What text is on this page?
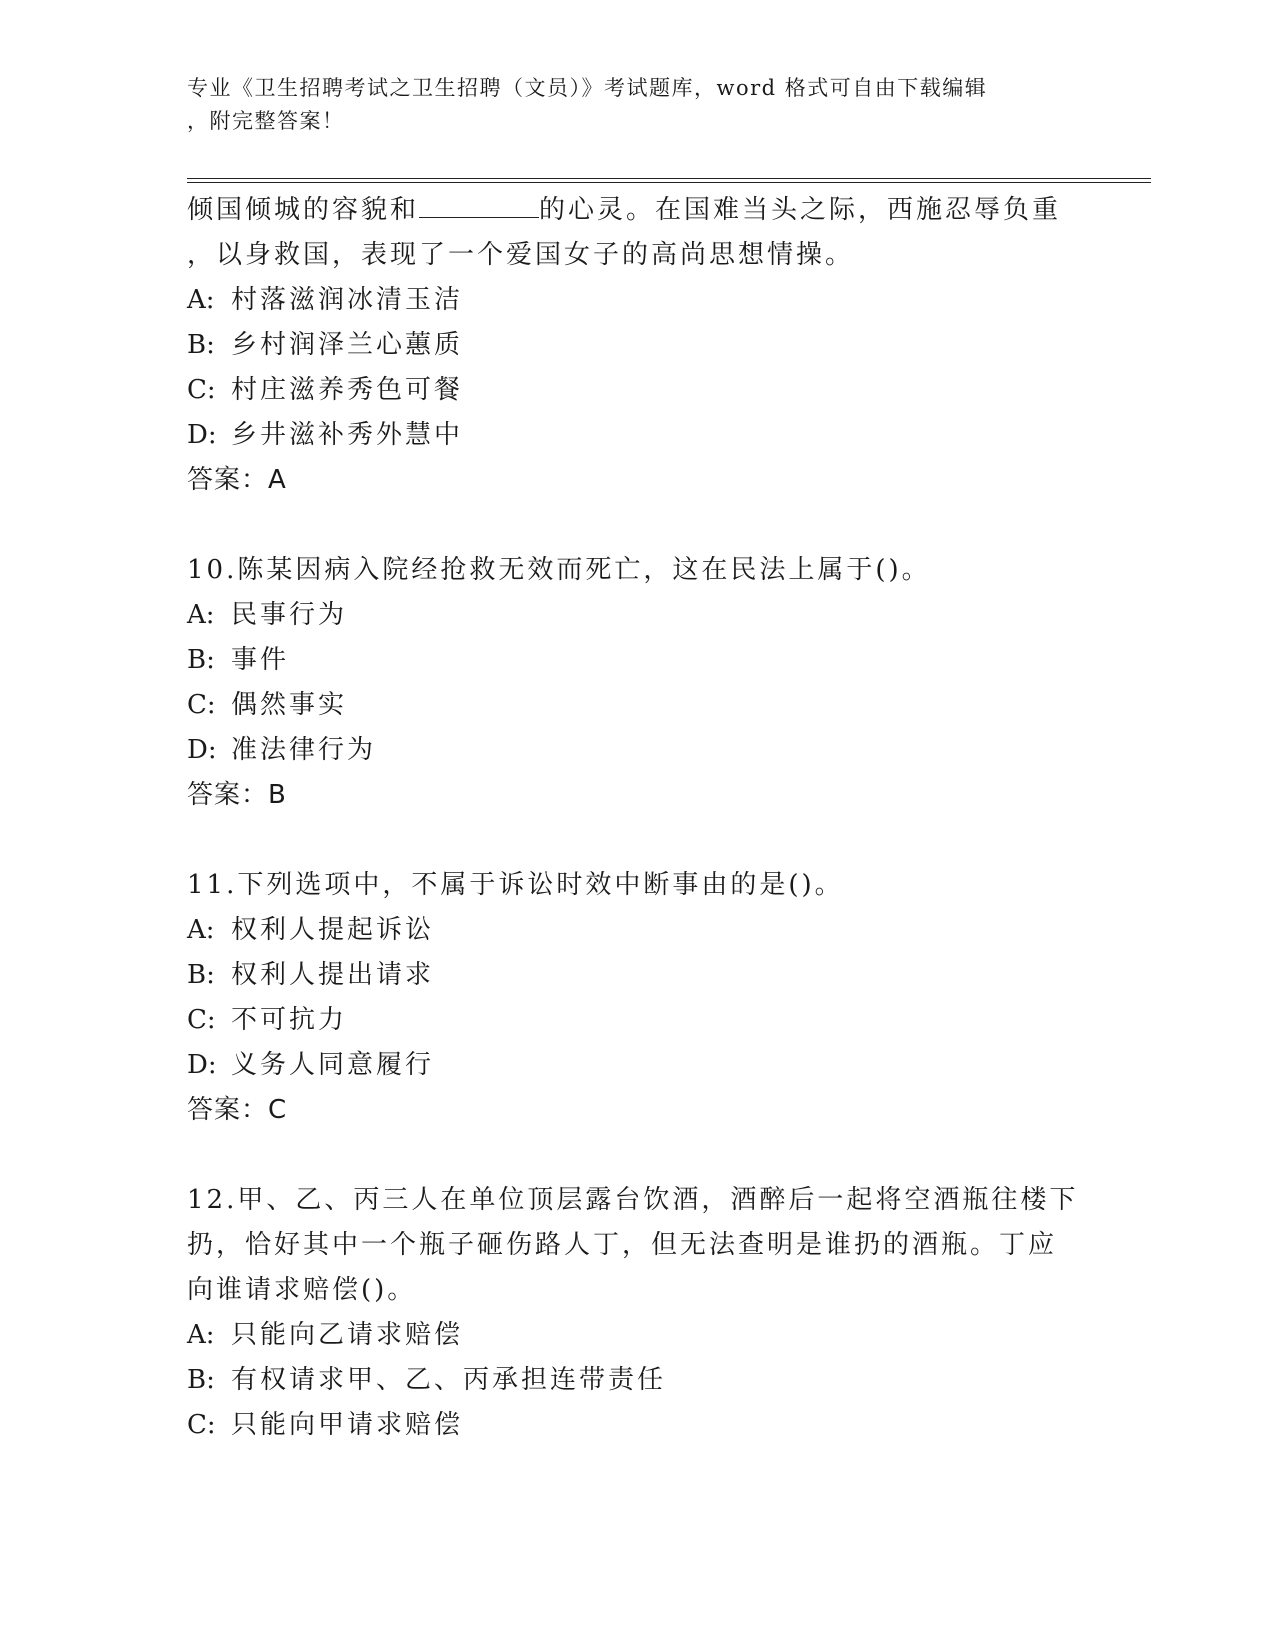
专业《卫生招聘考试之卫生招聘（文员）》考试题库，word 格式可自由下载编辑
，附完整答案！

倾国倾城的容貌和	的心灵。在国难当头之际，西施忍辱负重

，以身救国，表现了一个爱国女子的高尚思想情操。

A: 村落滋润冰清玉洁

B: 乡村润泽兰心蕙质

C: 村庄滋养秀色可餐

D: 乡井滋补秀外慧中

答案：A

10.陈某因病入院经抢救无效而死亡，这在民法上属于()。

A: 民事行为

B: 事件

C: 偶然事实

D: 准法律行为

答案：B

11.下列选项中，不属于诉讼时效中断事由的是()。

A: 权利人提起诉讼

B: 权利人提出请求

C: 不可抗力

D: 义务人同意履行

答案：C

12.甲、乙、丙三人在单位顶层露台饮酒，酒醉后一起将空酒瓶往楼下

扔，恰好其中一个瓶子砸伤路人丁，但无法查明是谁扔的酒瓶。丁应

向谁请求赔偿()。

A: 只能向乙请求赔偿

B: 有权请求甲、乙、丙承担连带责任

C: 只能向甲请求赔偿
